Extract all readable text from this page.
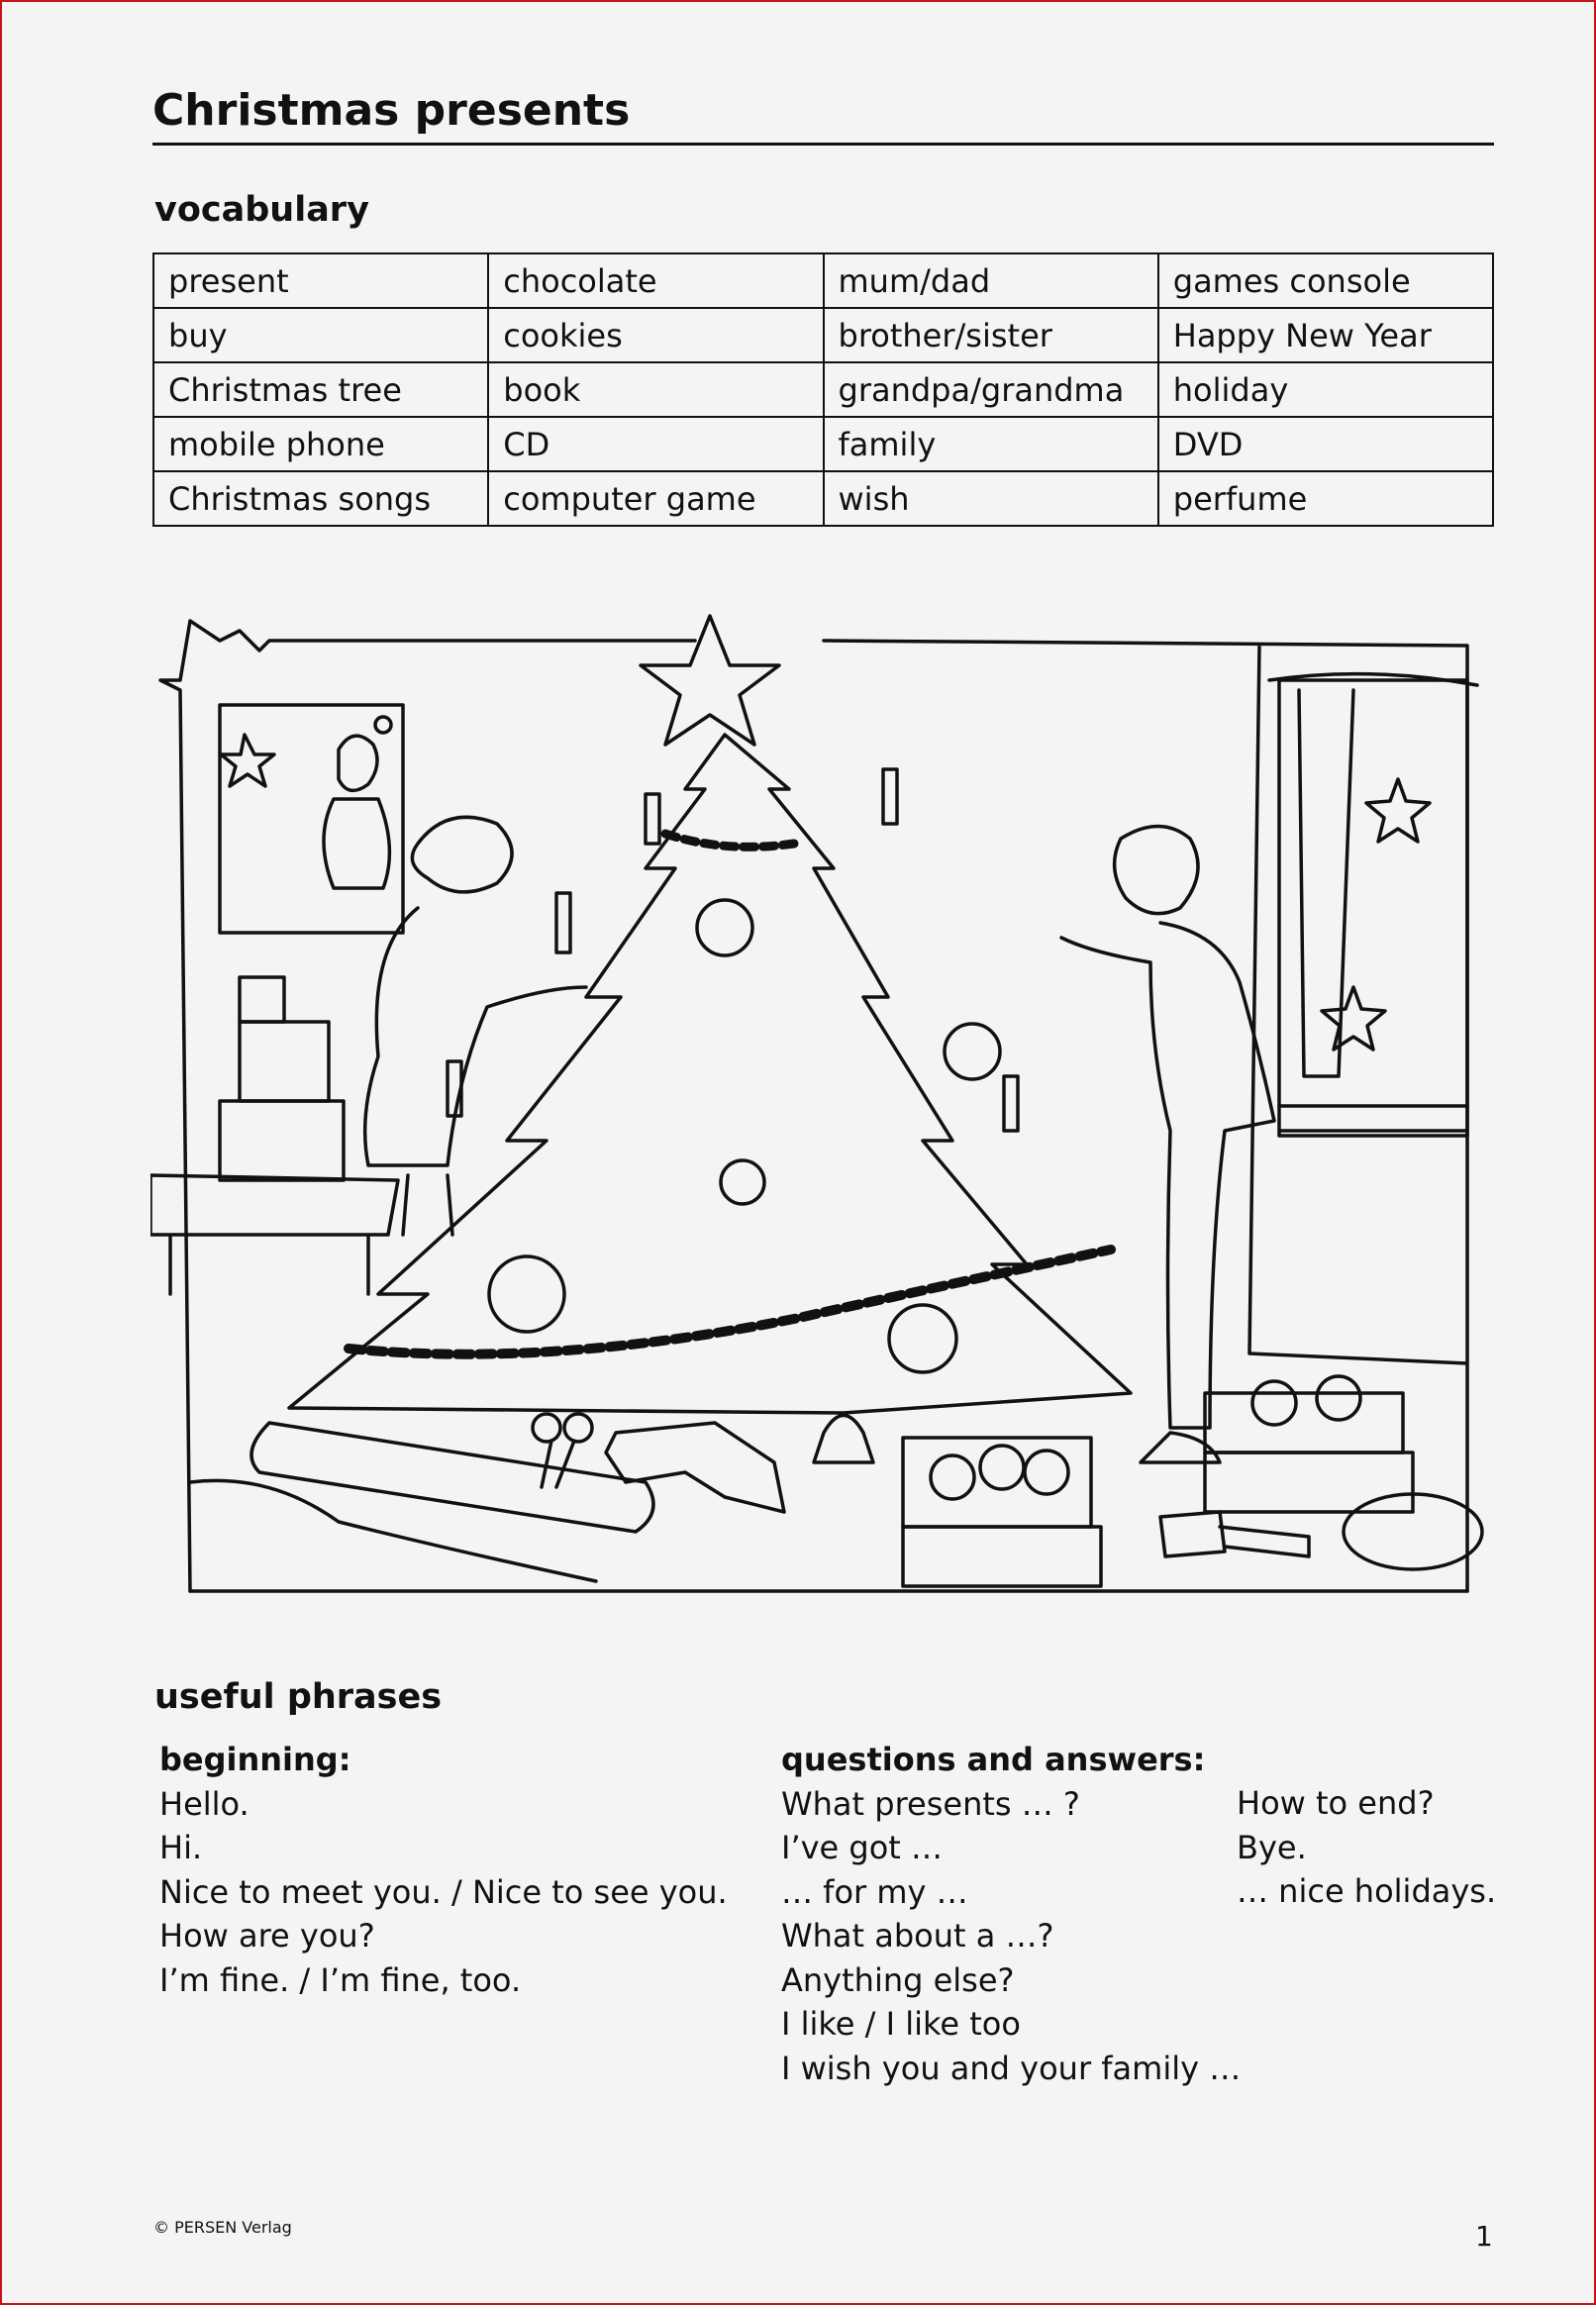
Christmas presents
vocabulary
present	chocolate	mum/dad	games console
buy	cookies	brother/sister	Happy New Year
Christmas tree	book	grandpa/grandma	holiday
mobile phone	CD	family	DVD
Christmas songs	computer game	wish	perfume
useful phrases
beginning:
Hello.
Hi.
Nice to meet you. / Nice to see you.
How are you?
I’m fine. / I’m fine, too.
questions and answers:
What presents … ?
I’ve got …
… for my …
What about a …?
Anything else?
I like / I like too
I wish you and your family …
How to end?
Bye.
… nice holidays.
© PERSEN Verlag	1
